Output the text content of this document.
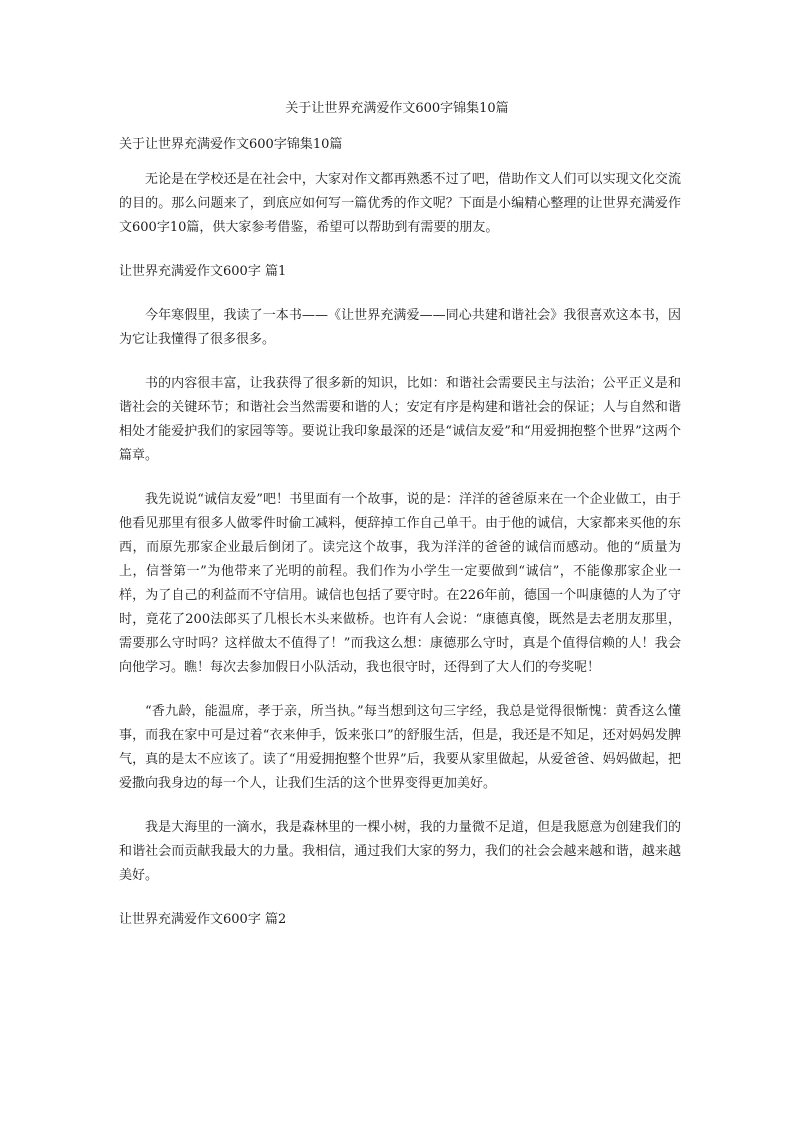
关于让世界充满爱作文600字锦集10篇
关于让世界充满爱作文600字锦集10篇

无论是在学校还是在社会中，大家对作文都再熟悉不过了吧，借助作文人们可以实现文化交流的目的。那么问题来了，到底应如何写一篇优秀的作文呢？下面是小编精心整理的让世界充满爱作文600字10篇，供大家参考借鉴，希望可以帮助到有需要的朋友。

让世界充满爱作文600字 篇1

今年寒假里，我读了一本书——《让世界充满爱——同心共建和谐社会》我很喜欢这本书，因为它让我懂得了很多很多。

书的内容很丰富，让我获得了很多新的知识，比如：和谐社会需要民主与法治；公平正义是和谐社会的关键环节；和谐社会当然需要和谐的人；安定有序是构建和谐社会的保证；人与自然和谐相处才能爱护我们的家园等等。要说让我印象最深的还是“诚信友爱”和“用爱拥抱整个世界”这两个篇章。

我先说说“诚信友爱”吧！书里面有一个故事，说的是：洋洋的爸爸原来在一个企业做工，由于他看见那里有很多人做零件时偷工减料，便辞掉工作自己单干。由于他的诚信，大家都来买他的东西，而原先那家企业最后倒闭了。读完这个故事，我为洋洋的爸爸的诚信而感动。他的“质量为上，信誉第一”为他带来了光明的前程。我们作为小学生一定要做到“诚信”，不能像那家企业一样，为了自己的利益而不守信用。诚信也包括了要守时。在226年前，德国一个叫康德的人为了守时，竟花了200法郎买了几根长木头来做桥。也许有人会说：“康德真傻，既然是去老朋友那里，需要那么守时吗？这样做太不值得了！”而我这么想：康德那么守时，真是个值得信赖的人！我会向他学习。瞧！每次去参加假日小队活动，我也很守时，还得到了大人们的夸奖呢！

“香九龄，能温席，孝于亲，所当执。”每当想到这句三字经，我总是觉得很惭愧：黄香这么懂事，而我在家中可是过着“衣来伸手，饭来张口”的舒服生活，但是，我还是不知足，还对妈妈发脾气，真的是太不应该了。读了“用爱拥抱整个世界”后，我要从家里做起，从爱爸爸、妈妈做起，把爱撒向我身边的每一个人，让我们生活的这个世界变得更加美好。

我是大海里的一滴水，我是森林里的一棵小树，我的力量微不足道，但是我愿意为创建我们的和谐社会而贡献我最大的力量。我相信，通过我们大家的努力，我们的社会会越来越和谐，越来越美好。

让世界充满爱作文600字 篇2
